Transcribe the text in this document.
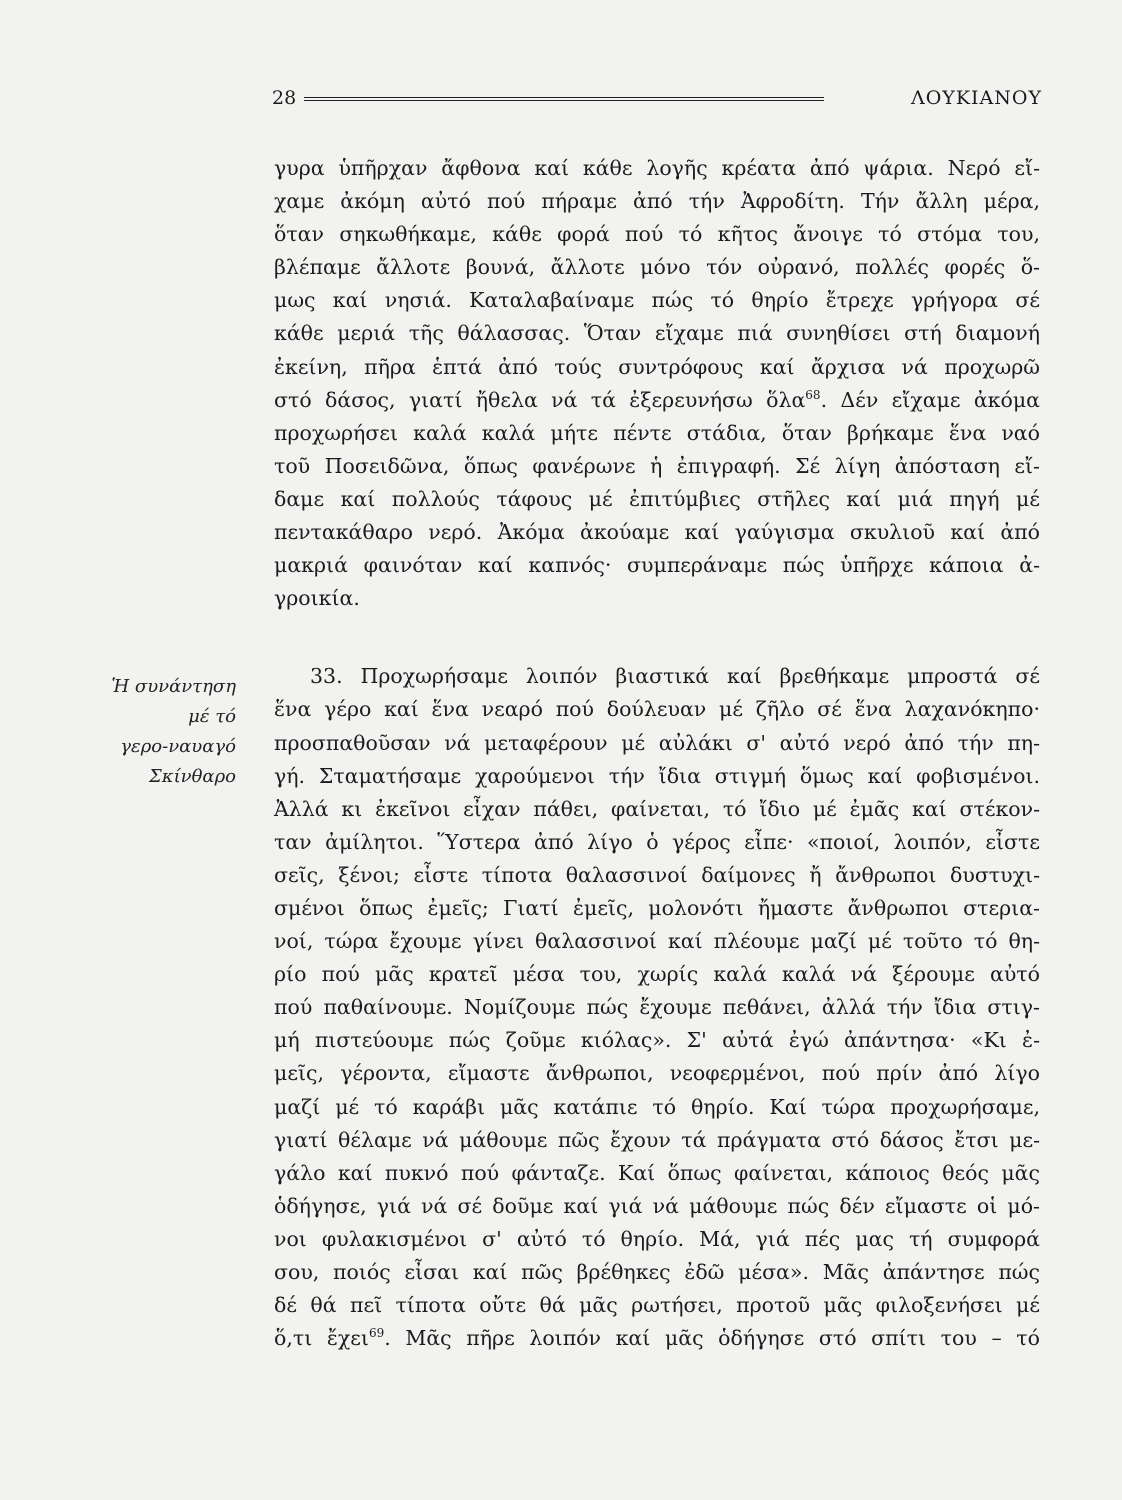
28	ΛΟΥΚΙΑΝΟΥ
Ἡ συνάντηση
μέ τό
γερο-ναυαγό
Σκίνθαρο
γυρα ὑπῆρχαν ἄφθονα καί κάθε λογῆς κρέατα ἀπό ψάρια. Νερό εἴ-
χαμε ἀκόμη αὐτό πού πήραμε ἀπό τήν Ἀφροδίτη. Τήν ἄλλη μέρα,
ὅταν σηκωθήκαμε, κάθε φορά πού τό κῆτος ἄνοιγε τό στόμα του,
βλέπαμε ἄλλοτε βουνά, ἄλλοτε μόνο τόν οὐρανό, πολλές φορές ὅ-
μως καί νησιά. Καταλαβαίναμε πώς τό θηρίο ἔτρεχε γρήγορα σέ
κάθε μεριά τῆς θάλασσας. Ὅταν εἴχαμε πιά συνηθίσει στή διαμονή
ἐκείνη, πῆρα ἑπτά ἀπό τούς συντρόφους καί ἄρχισα νά προχωρῶ
στό δάσος, γιατί ἤθελα νά τά ἐξερευνήσω ὅλα$^{68}$. Δέν εἴχαμε ἀκόμα
προχωρήσει καλά καλά μήτε πέντε στάδια, ὅταν βρήκαμε ἕνα ναό
τοῦ Ποσειδῶνα, ὅπως φανέρωνε ἡ ἐπιγραφή. Σέ λίγη ἀπόσταση εἴ-
δαμε καί πολλούς τάφους μέ ἐπιτύμβιες στῆλες καί μιά πηγή μέ
πεντακάθαρο νερό. Ἀκόμα ἀκούαμε καί γαύγισμα σκυλιοῦ καί ἀπό
μακριά φαινόταν καί καπνός· συμπεράναμε πώς ὑπῆρχε κάποια ἀ-
γροικία.
33. Προχωρήσαμε λοιπόν βιαστικά καί βρεθήκαμε μπροστά σέ
ἕνα γέρο καί ἕνα νεαρό πού δούλευαν μέ ζῆλο σέ ἕνα λαχανόκηπο·
προσπαθοῦσαν νά μεταφέρουν μέ αὐλάκι σ' αὐτό νερό ἀπό τήν πη-
γή. Σταματήσαμε χαρούμενοι τήν ἴδια στιγμή ὅμως καί φοβισμένοι.
Ἀλλά κι ἐκεῖνοι εἶχαν πάθει, φαίνεται, τό ἴδιο μέ ἐμᾶς καί στέκον-
ταν ἀμίλητοι. Ὕστερα ἀπό λίγο ὁ γέρος εἶπε· «ποιοί, λοιπόν, εἶστε
σεῖς, ξένοι; εἶστε τίποτα θαλασσινοί δαίμονες ἤ ἄνθρωποι δυστυχι-
σμένοι ὅπως ἐμεῖς; Γιατί ἐμεῖς, μολονότι ἤμαστε ἄνθρωποι στερια-
νοί, τώρα ἔχουμε γίνει θαλασσινοί καί πλέουμε μαζί μέ τοῦτο τό θη-
ρίο πού μᾶς κρατεῖ μέσα του, χωρίς καλά καλά νά ξέρουμε αὐτό
πού παθαίνουμε. Νομίζουμε πώς ἔχουμε πεθάνει, ἀλλά τήν ἴδια στιγ-
μή πιστεύουμε πώς ζοῦμε κιόλας». Σ' αὐτά ἐγώ ἀπάντησα· «Κι ἐ-
μεῖς, γέροντα, εἴμαστε ἄνθρωποι, νεοφερμένοι, πού πρίν ἀπό λίγο
μαζί μέ τό καράβι μᾶς κατάπιε τό θηρίο. Καί τώρα προχωρήσαμε,
γιατί θέλαμε νά μάθουμε πῶς ἔχουν τά πράγματα στό δάσος ἔτσι με-
γάλο καί πυκνό πού φάνταζε. Καί ὅπως φαίνεται, κάποιος θεός μᾶς
ὁδήγησε, γιά νά σέ δοῦμε καί γιά νά μάθουμε πώς δέν εἴμαστε οἱ μό-
νοι φυλακισμένοι σ' αὐτό τό θηρίο. Μά, γιά πές μας τή συμφορά
σου, ποιός εἶσαι καί πῶς βρέθηκες ἐδῶ μέσα». Μᾶς ἀπάντησε πώς
δέ θά πεῖ τίποτα οὔτε θά μᾶς ρωτήσει, προτοῦ μᾶς φιλοξενήσει μέ
ὅ,τι ἔχει$^{69}$. Μᾶς πῆρε λοιπόν καί μᾶς ὁδήγησε στό σπίτι του – τό
